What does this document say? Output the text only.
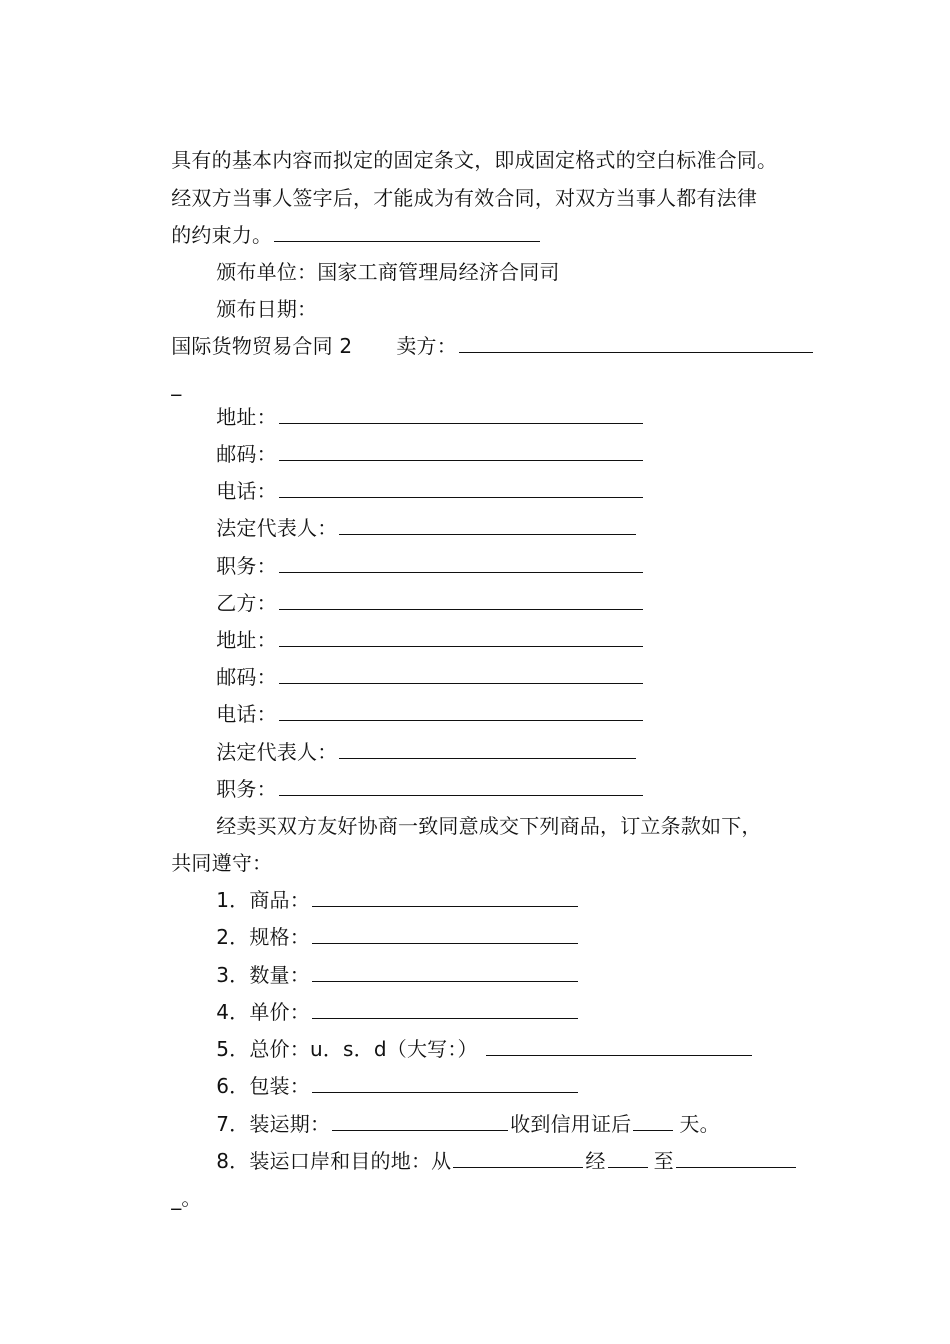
具有的基本内容而拟定的固定条文，即成固定格式的空白标准合同。

经双方当事人签字后，才能成为有效合同，对双方当事人都有法律

的约束力。

颁布单位：国家工商管理局经济合同司

颁布日期：

国际货物贸易合同 2 卖方：

_

地址：

邮码：

电话：

法定代表人：

职务：

乙方：

地址：

邮码：

电话：

法定代表人：

职务：

经卖买双方友好协商一致同意成交下列商品，订立条款如下，

共同遵守：

1．商品：

2．规格：

3．数量：

4．单价：

5．总价：u．s．d（大写：）

6．包装：

7．装运期：	收到信用证后 天。

8．装运口岸和目的地：从	经 至

_。
